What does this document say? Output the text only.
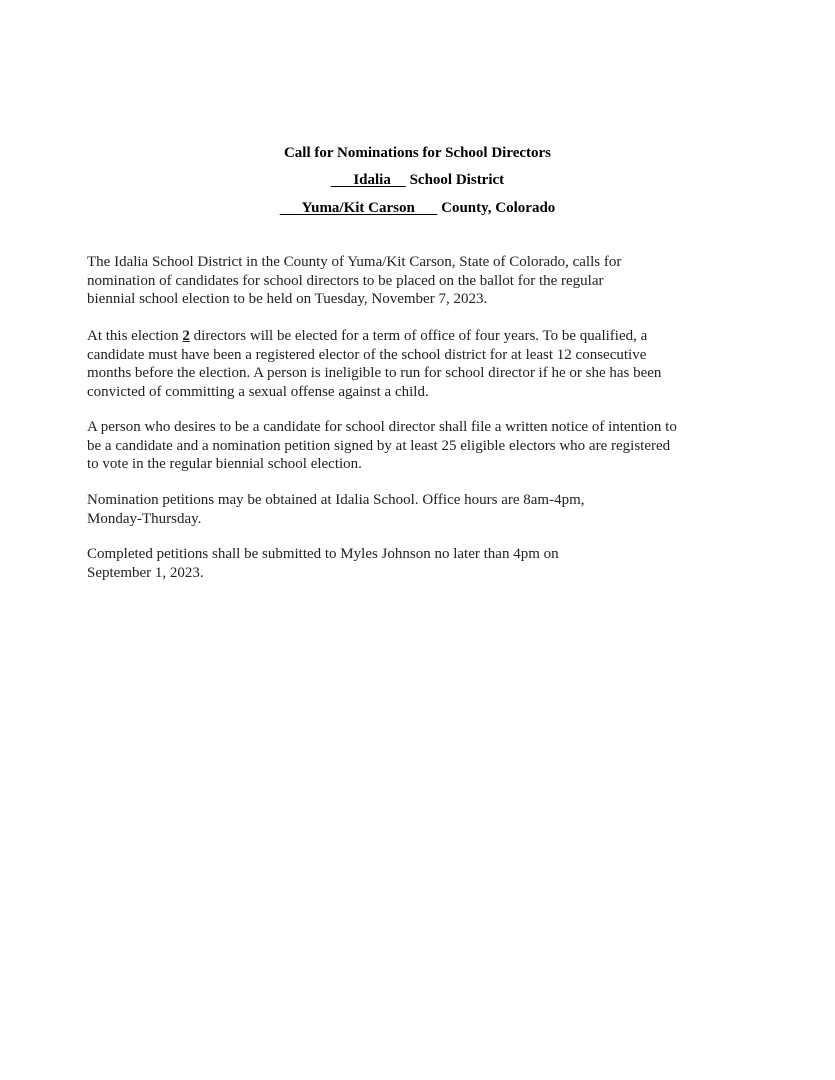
Call for Nominations for School Directors
Idalia School District
Yuma/Kit Carson County, Colorado
The Idalia School District in the County of Yuma/Kit Carson, State of Colorado, calls for
nomination of candidates for school directors to be placed on the ballot for the regular
biennial school election to be held on Tuesday, November 7, 2023.
At this election 2 directors will be elected for a term of office of four years. To be qualified, a
candidate must have been a registered elector of the school district for at least 12 consecutive
months before the election. A person is ineligible to run for school director if he or she has been
convicted of committing a sexual offense against a child.
A person who desires to be a candidate for school director shall file a written notice of intention to
be a candidate and a nomination petition signed by at least 25 eligible electors who are registered
to vote in the regular biennial school election.
Nomination petitions may be obtained at Idalia School. Office hours are 8am-4pm,
Monday-Thursday.
Completed petitions shall be submitted to Myles Johnson no later than 4pm on
September 1, 2023.
